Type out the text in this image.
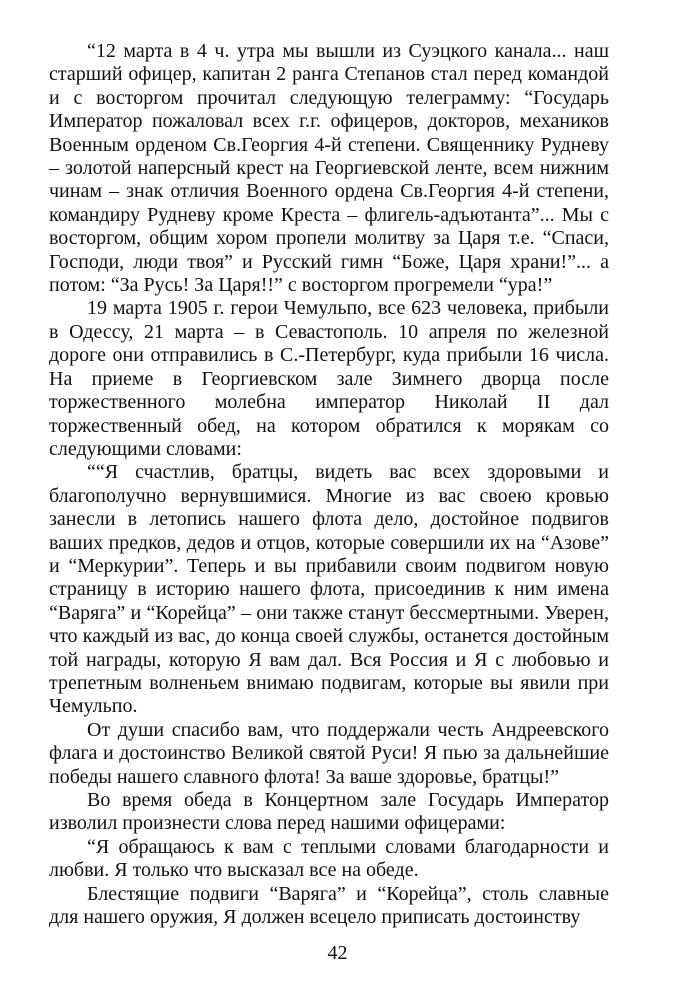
“12 марта в 4 ч. утра мы вышли из Суэцкого канала... наш старший офицер, капитан 2 ранга Степанов стал перед командой и с восторгом прочитал следующую телеграмму: “Государь Император пожаловал всех г.г. офицеров, докторов, механиков Военным орденом Св.Георгия 4-й степени. Священнику Рудневу – золотой наперсный крест на Георгиевской ленте, всем нижним чинам – знак отличия Военного ордена Св.Георгия 4-й степени, командиру Рудневу кроме Креста – флигель-адъютанта”... Мы с восторгом, общим хором пропели молитву за Царя т.е. “Спаси, Господи, люди твоя” и Русский гимн “Боже, Царя храни!”... а потом: “За Русь! За Царя!!” с восторгом прогремели “ура!”

19 марта 1905 г. герои Чемульпо, все 623 человека, прибыли в Одессу, 21 марта – в Севастополь. 10 апреля по железной дороге они отправились в С.-Петербург, куда прибыли 16 числа. На приеме в Георгиевском зале Зимнего дворца после торжественного молебна император Николай II дал торжественный обед, на котором обратился к морякам со следующими словами:

““Я счастлив, братцы, видеть вас всех здоровыми и благополучно вернувшимися. Многие из вас своею кровью занесли в летопись нашего флота дело, достойное подвигов ваших предков, дедов и отцов, которые совершили их на “Азове” и “Меркурии”. Теперь и вы прибавили своим подвигом новую страницу в историю нашего флота, присоединив к ним имена “Варяга” и “Корейца” – они также станут бессмертными. Уверен, что каждый из вас, до конца своей службы, останется достойным той награды, которую Я вам дал. Вся Россия и Я с любовью и трепетным волненьем внимаю подвигам, которые вы явили при Чемульпо.

От души спасибо вам, что поддержали честь Андреевского флага и достоинство Великой святой Руси! Я пью за дальнейшие победы нашего славного флота! За ваше здоровье, братцы!”

Во время обеда в Концертном зале Государь Император изволил произнести слова перед нашими офицерами:

“Я обращаюсь к вам с теплыми словами благодарности и любви. Я только что высказал все на обеде.

Блестящие подвиги “Варяга” и “Корейца”, столь славные для нашего оружия, Я должен всецело приписать достоинству

42
